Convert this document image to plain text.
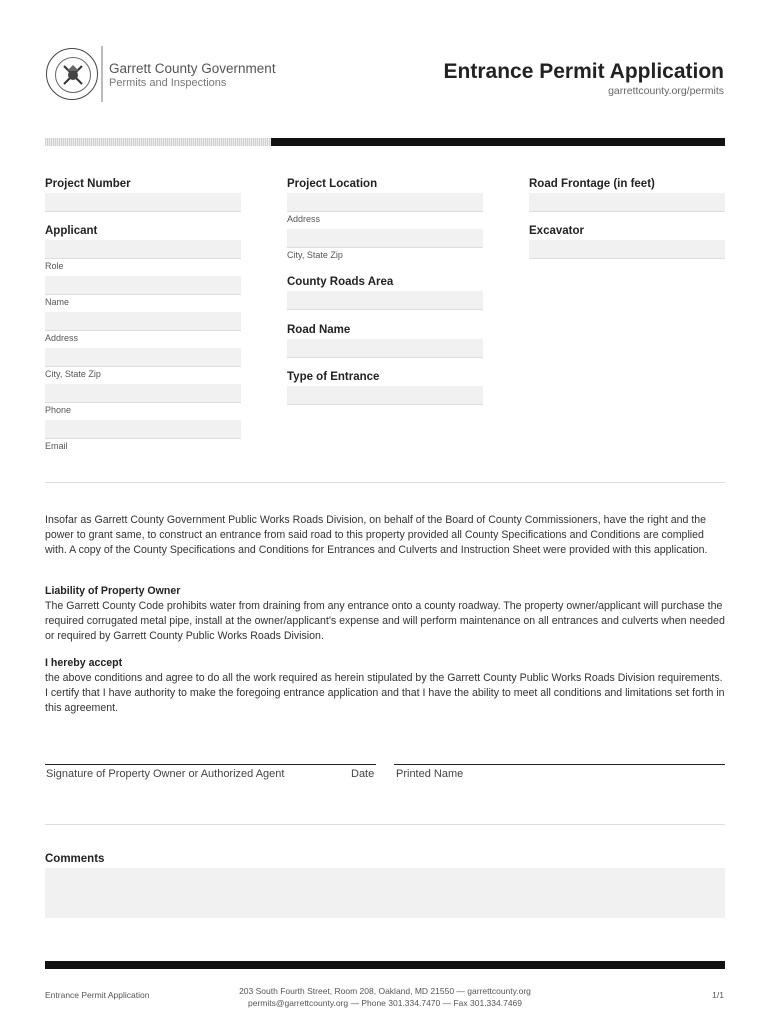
Garrett County Government
Permits and Inspections	Entrance Permit Application
garrettcounty.org/permits
Project Number
Applicant
Role
Name
Address
City, State Zip
Phone
Email
Project Location
Address
City, State Zip
County Roads Area
Road Name
Type of Entrance
Road Frontage (in feet)
Excavator
Insofar as Garrett County Government Public Works Roads Division, on behalf of the Board of County Commissioners, have the right and the power to grant same, to construct an entrance from said road to this property provided all County Specifications and Conditions are complied with. A copy of the County Specifications and Conditions for Entrances and Culverts and Instruction Sheet were provided with this application.
Liability of Property Owner
The Garrett County Code prohibits water from draining from any entrance onto a county roadway. The property owner/applicant will purchase the required corrugated metal pipe, install at the owner/applicant's expense and will perform maintenance on all entrances and culverts when needed or required by Garrett County Public Works Roads Division.
I hereby accept
the above conditions and agree to do all the work required as herein stipulated by the Garrett County Public Works Roads Division requirements. I certify that I have authority to make the foregoing entrance application and that I have the ability to meet all conditions and limitations set forth in this agreement.
Signature of Property Owner or Authorized Agent	Date Printed Name
Comments
Entrance Permit Application	203 South Fourth Street, Room 208, Oakland, MD 21550 — garrettcounty.org
permits@garrettcounty.org — Phone 301.334.7470 — Fax 301.334.7469
1/1
